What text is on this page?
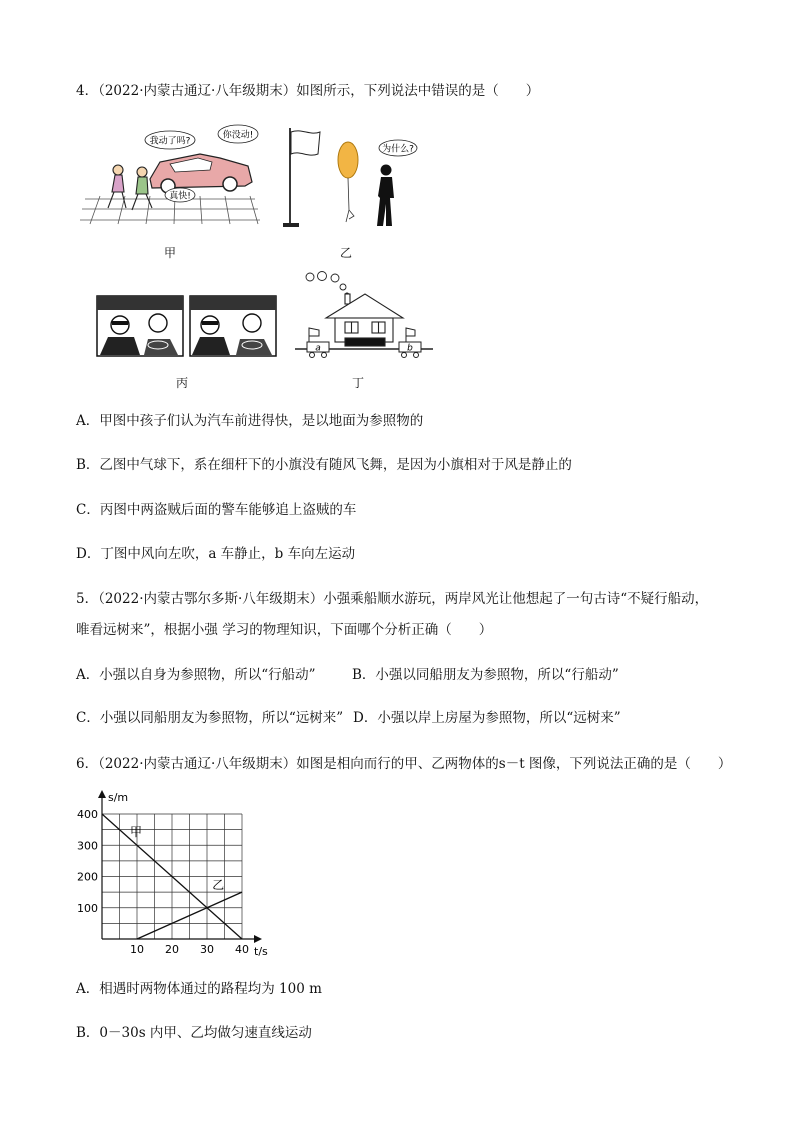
4．（2022·内蒙古通辽·八年级期末）如图所示，下列说法中错误的是（　　）
我动了吗?
你没动!
真快!
甲
为什么?
乙
丙
a	b
丁
A．甲图中孩子们认为汽车前进得快，是以地面为参照物的
B．乙图中气球下，系在细杆下的小旗没有随风飞舞，是因为小旗相对于风是静止的
C．丙图中两盗贼后面的警车能够追上盗贼的车
D．丁图中风向左吹，a 车静止，b 车向左运动
5．（2022·内蒙古鄂尔多斯·八年级期末）小强乘船顺水游玩，两岸风光让他想起了一句古诗“不疑行船动，
唯看远树来”，根据小强 学习的物理知识，下面哪个分析正确（　　）
A．小强以自身为参照物，所以“行船动”	B．小强以同船朋友为参照物，所以“行船动”
C．小强以同船朋友为参照物，所以“远树来” D．小强以岸上房屋为参照物，所以“远树来”
6．（2022·内蒙古通辽·八年级期末）如图是相向而行的甲、乙两物体的s－t 图像，下列说法正确的是（　　）
甲
乙
100
200
300
400
10 20 30 40
s/m
t/s
A．相遇时两物体通过的路程均为 100 m
B．0－30s 内甲、乙均做匀速直线运动
